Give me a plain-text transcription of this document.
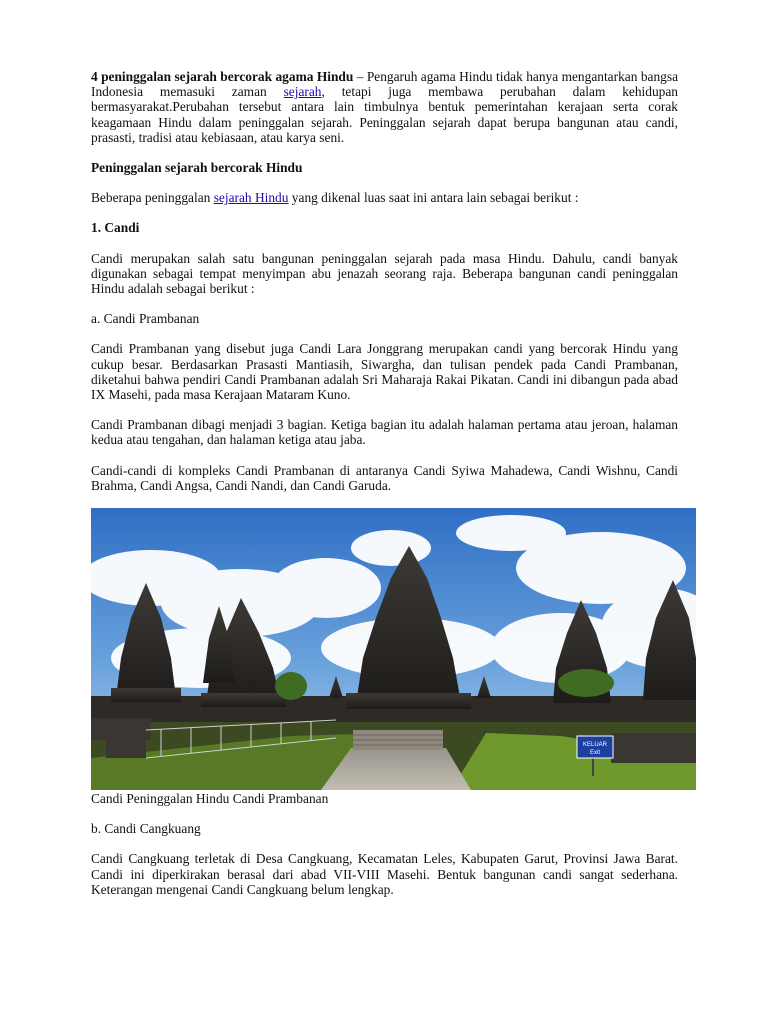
4 peninggalan sejarah bercorak agama Hindu – Pengaruh agama Hindu tidak hanya mengantarkan bangsa Indonesia memasuki zaman sejarah, tetapi juga membawa perubahan dalam kehidupan bermasyarakat.Perubahan tersebut antara lain timbulnya bentuk pemerintahan kerajaan serta corak keagamaan Hindu dalam peninggalan sejarah. Peninggalan sejarah dapat berupa bangunan atau candi, prasasti, tradisi atau kebiasaan, atau karya seni.

Peninggalan sejarah bercorak Hindu

Beberapa peninggalan sejarah Hindu yang dikenal luas saat ini antara lain sebagai berikut :

1. Candi

Candi merupakan salah satu bangunan peninggalan sejarah pada masa Hindu. Dahulu, candi banyak digunakan sebagai tempat menyimpan abu jenazah seorang raja. Beberapa bangunan candi peninggalan Hindu adalah sebagai berikut :

a. Candi Prambanan

Candi Prambanan yang disebut juga Candi Lara Jonggrang merupakan candi yang bercorak Hindu yang cukup besar. Berdasarkan Prasasti Mantiasih, Siwargha, dan tulisan pendek pada Candi Prambanan, diketahui bahwa pendiri Candi Prambanan adalah Sri Maharaja Rakai Pikatan. Candi ini dibangun pada abad IX Masehi, pada masa Kerajaan Mataram Kuno.

Candi Prambanan dibagi menjadi 3 bagian. Ketiga bagian itu adalah halaman pertama atau jeroan, halaman kedua atau tengahan, dan halaman ketiga atau jaba.

Candi-candi di kompleks Candi Prambanan di antaranya Candi Syiwa Mahadewa, Candi Wishnu, Candi Brahma, Candi Angsa, Candi Nandi, dan Candi Garuda.

KELUAR
Exit

Candi Peninggalan Hindu Candi Prambanan

b. Candi Cangkuang

Candi Cangkuang terletak di Desa Cangkuang, Kecamatan Leles, Kabupaten Garut, Provinsi Jawa Barat. Candi ini diperkirakan berasal dari abad VII-VIII Masehi. Bentuk bangunan candi sangat sederhana. Keterangan mengenai Candi Cangkuang belum lengkap.
